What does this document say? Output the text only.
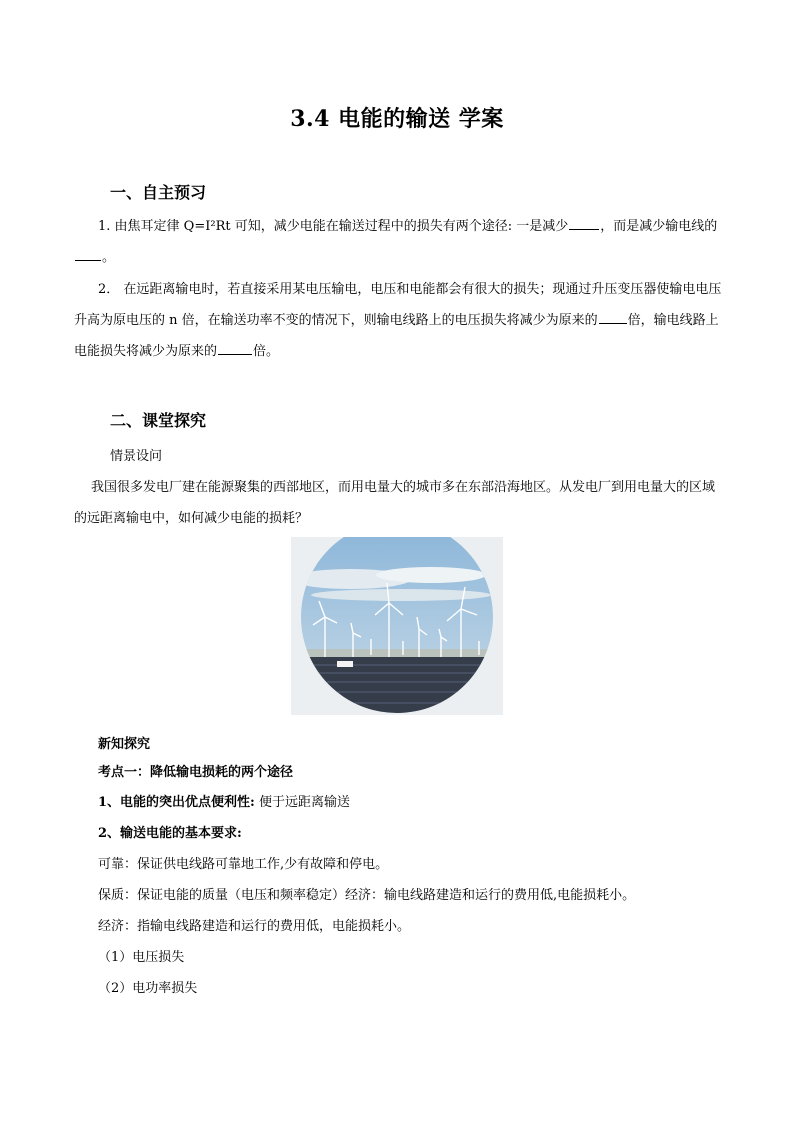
3.4 电能的输送 学案
一、自主预习
1. 由焦耳定律 Q=I²Rt 可知，减少电能在输送过程中的损失有两个途径: 一是减少 ，而是减少输电线的。
2． 在远距离输电时，若直接采用某电压输电，电压和电能都会有很大的损失；现通过升压变压器使输电电压升高为原电压的 n 倍，在输送功率不变的情况下，则输电线路上的电压损失将减少为原来的 倍，输电线路上电能损失将减少为原来的	倍。
二、课堂探究
情景设问
我国很多发电厂建在能源聚集的西部地区，而用电量大的城市多在东部沿海地区。从发电厂到用电量大的区域的远距离输电中，如何减少电能的损耗？
新知探究
考点一：降低输电损耗的两个途径
1、电能的突出优点便利性: 便于远距离输送
2、输送电能的基本要求:
可靠：保证供电线路可靠地工作,少有故障和停电。
保质：保证电能的质量（电压和频率稳定）经济：输电线路建造和运行的费用低,电能损耗小。
经济：指输电线路建造和运行的费用低，电能损耗小。
（1）电压损失
（2）电功率损失
